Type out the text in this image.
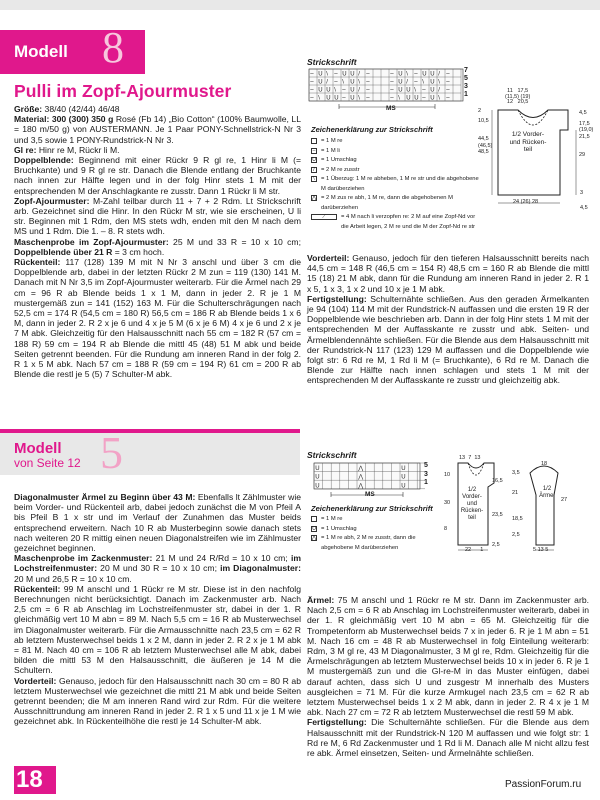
Modell 8
Pulli im Zopf-Ajourmuster

Größe: 38/40 (42/44) 46/48

Material: 300 (300) 350 g Rosé (Fb 14) „Bio Cotton“ (100% Baumwolle, LL = 180 m/50 g) von AUSTERMANN. Je 1 Paar PONY-Schnellstrick-N Nr 3 und 3,5 sowie 1 PONY-Rundstrick-N Nr 3.

Gl re: Hinr re M, Rückr li M.

Doppelblende: Beginnend mit einer Rückr 9 R gl re, 1 Hinr li M (= Bruchkante) und 9 R gl re str. Danach die Blende entlang der Bruchkante nach innen zur Hälfte legen und in der folg Hinr stets 1 M mit der entsprechenden M der Anschlagkante re zusstr. Dann 1 Rückr li M str.

Zopf-Ajourmuster: M-Zahl teilbar durch 11 + 7 + 2 Rdm. Lt Strickschrift arb. Gezeichnet sind die Hinr. In den Rückr M str, wie sie erscheinen, U li str. Beginnen mit 1 Rdm, den MS stets wdh, enden mit den M nach dem MS und 1 Rdm. Die 1. – 8. R stets wdh.

Maschenprobe im Zopf-Ajourmuster: 25 M und 33 R = 10 x 10 cm; Doppelblende über 21 R = 3 cm hoch.

Rückenteil: 117 (128) 139 M mit N Nr 3 anschl und über 3 cm die Doppelblende arb, dabei in der letzten Rückr 2 M zun = 119 (130) 141 M. Danach mit N Nr 3,5 im Zopf-Ajourmuster weiterarb. Für die Ärmel nach 29 cm = 96 R ab Blende beids 1 x 1 M, dann in jeder 2. R je 1 M mustergemäß zun = 141 (152) 163 M. Für die Schulterschrägungen nach 52,5 cm = 174 R (54,5 cm = 180 R) 56,5 cm = 186 R ab Blende beids 1 x 6 M, dann in jeder 2. R 2 x je 6 und 4 x je 5 M (6 x je 6 M) 4 x je 6 und 2 x je 7 M abk. Gleichzeitig für den Halsausschnitt nach 55 cm = 182 R (57 cm = 188 R) 59 cm = 194 R ab Blende die mittl 45 (48) 51 M abk und beide Seiten getrennt beenden. Für die Rundung am inneren Rand in der folg 2. R 1 x 5 M abk. Nach 57 cm = 188 R (59 cm = 194 R) 61 cm = 200 R ab Blende die restl je 5 (5) 7 Schulter-M abk.

Strickschrift
– U \ – U U / –	– U \ – U U / –
– U / – \ U \ –	– U / – \ U \ –
– U U \ – U / –	– U U \ – U / –
– \ U U – U \ –	– \ U U – U \ –
7
5
3
1
MS
Zeichenerklärung zur Strickschrift
= 1 M re
– = 1 M li
U = 1 Umschlag
/	= 2 M re zusstr
\	= 1 Überzug: 1 M re abheben, 1 M re str und die abgehobene M darüberziehen
⋀ = 2 M zus re abh, 1 M re, dann die abgehobenen M darüberziehen
⟋	= 4 M nach li verzopfen re: 2 M auf eine Zopf-Nd vor die Arbeit legen, 2 M re und die M der Zopf-Nd re str
11 17,5
(11,5) (19)
12 20,5
2
10,5
44,5
(46,5)
48,5
4,5
17,5
(19,0)
21,5
29
3
4,5
1/2 Vorder- und Rücken- teil
24 (26) 28

Vorderteil: Genauso, jedoch für den tieferen Halsausschnitt bereits nach 44,5 cm = 148 R (46,5 cm = 154 R) 48,5 cm = 160 R ab Blende die mittl 15 (18) 21 M abk, dann für die Rundung am inneren Rand in jeder 2. R 1 x 5, 1 x 3, 1 x 2 und 10 x je 1 M abk.

Fertigstellung: Schulternähte schließen. Aus den geraden Ärmelkanten je 94 (104) 114 M mit der Rundstrick-N auffassen und die ersten 19 R der Doppelblende wie beschrieben arb. Dann in der folg Hinr stets 1 M mit der entsprechenden M der Auffasskante re zusstr und abk. Seiten- und Ärmelblendennähte schließen. Für die Blende aus dem Halsausschnitt mit der Rundstrick-N 117 (123) 129 M auffassen und die Doppelblende wie folgt str: 6 Rd re M, 1 Rd li M (= Bruchkante), 6 Rd re M. Danach die Blende zur Hälfte nach innen schlagen und stets 1 M mit der entsprechenden M der Auffasskante re zusstr und gleichzeitig abk.

Modell
von Seite 12 5

Diagonalmuster Ärmel zu Beginn über 43 M: Ebenfalls lt Zählmuster wie beim Vorder- und Rückenteil arb, dabei jedoch zunächst die M von Pfeil A bis Pfeil B 1 x str und im Verlauf der Zunahmen das Muster beids entsprechend erweitern. Nach 10 R ab Musterbeginn sowie danach stets nach weiteren 20 R mittig einen neuen Diagonalstreifen wie im Zählmuster gezeichnet beginnen.

Maschenprobe im Zackenmuster: 21 M und 24 R/Rd = 10 x 10 cm; im Lochstreifenmuster: 20 M und 30 R = 10 x 10 cm; im Diagonalmuster: 20 M und 26,5 R = 10 x 10 cm.

Rückenteil: 99 M anschl und 1 Rückr re M str. Diese ist in den nachfolg Berechnungen nicht berücksichtigt. Danach im Zackenmuster arb. Nach 2,5 cm = 6 R ab Anschlag im Lochstreifenmuster str, dabei in der 1. R gleichmäßig vert 10 M abn = 89 M. Nach 5,5 cm = 16 R ab Musterwechsel im Diagonalmuster weiterarb. Für die Armausschnitte nach 23,5 cm = 62 R ab letztem Musterwechsel beids 1 x 2 M, dann in jeder 2. R 2 x je 1 M abk = 81 M. Nach 40 cm = 106 R ab letztem Musterwechsel alle M abk, dabei bilden die mittl 53 M den Halsausschnitt, die äußeren je 14 M die Schultern.

Vorderteil: Genauso, jedoch für den Halsausschnitt nach 30 cm = 80 R ab letztem Musterwechsel wie gezeichnet die mittl 21 M abk und beide Seiten getrennt beenden; die M am inneren Rand wird zur Rdm. Für die weitere Ausschnittrundung am inneren Rand in jeder 2. R 1 x 5 und 11 x je 1 M wie gezeichnet abk. In Rückenteilhöhe die restl je 14 Schulter-M abk.

Strickschrift
U	⋀	U
U	⋀	U
U	⋀	U
5
3
1
MS
Zeichenerklärung zur Strickschrift
= 1 M re
U = 1 Umschlag
⋀ = 1 M re abh, 2 M re zusstr, dann die abgehobene M darüberziehen
13 7 13
10
30
8
16,5
23,5
2,5
1/2 Vorder- und Rücken- teil
22 1
18
3,5
21
18,5
2,5
27
1/2 Ärmel
5 13 5

Ärmel: 75 M anschl und 1 Rückr re M str. Dann im Zackenmuster arb. Nach 2,5 cm = 6 R ab Anschlag im Lochstreifenmuster weiterarb, dabei in der 1. R gleichmäßig vert 10 M abn = 65 M. Gleichzeitig für die Trompetenform ab Musterwechsel beids 7 x in jeder 6. R je 1 M abn = 51 M. Nach 16 cm = 48 R ab Musterwechsel in folg Einteilung weiterarb: Rdm, 3 M gl re, 43 M Diagonalmuster, 3 M gl re, Rdm. Gleichzeitig für die Ärmelschrägungen ab letztem Musterwechsel beids 10 x in jeder 6. R je 1 M mustergemäß zun und die Gl-re-M in das Muster einfügen, dabei darauf achten, dass sich U und zusgestr M innerhalb des Musters ausgleichen = 71 M. Für die kurze Armkugel nach 23,5 cm = 62 R ab letztem Musterwechsel beids 1 x 2 M abk, dann in jeder 2. R 4 x je 1 M abk. Nach 27 cm = 72 R ab letztem Musterwechsel die restl 59 M abk.

Fertigstellung: Die Schulternähte schließen. Für die Blende aus dem Halsausschnitt mit der Rundstrick-N 120 M auffassen und wie folgt str: 1 Rd re M, 6 Rd Zackenmuster und 1 Rd li M. Danach alle M nicht allzu fest re abk. Ärmel einsetzen, Seiten- und Ärmelnähte schließen.

18	PassionForum.ru
